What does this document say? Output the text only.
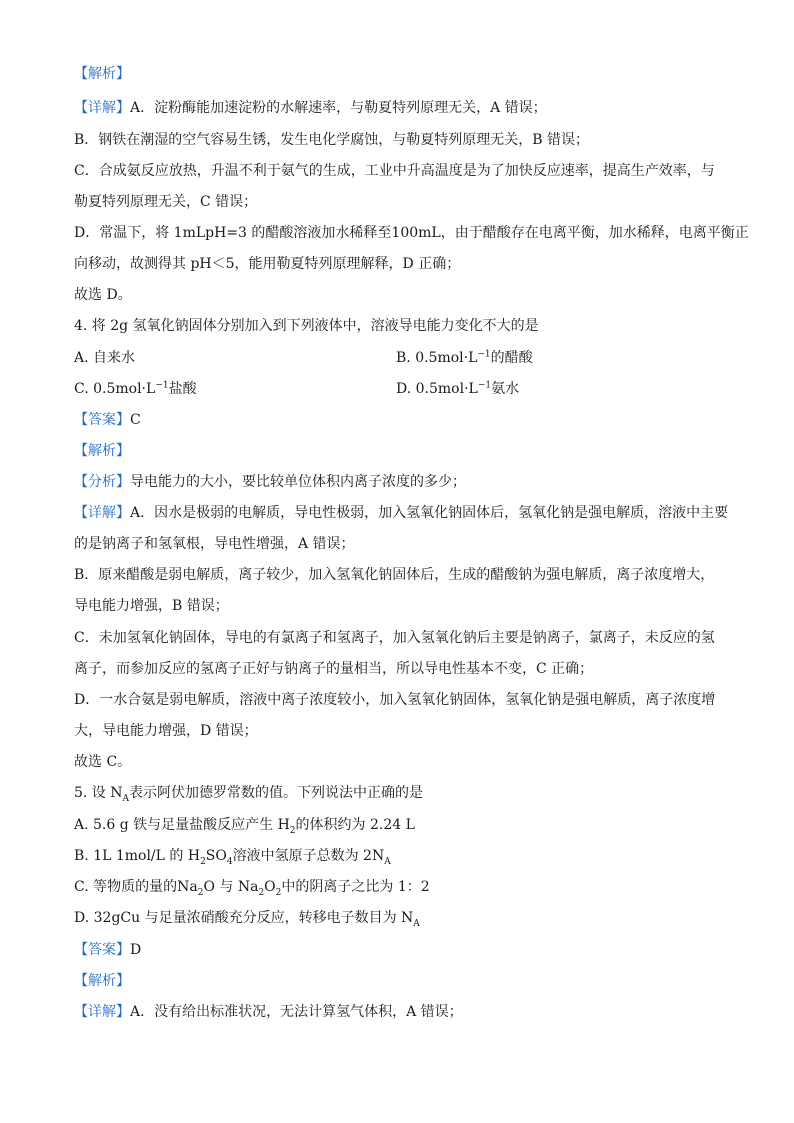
【解析】
【详解】A．淀粉酶能加速淀粉的水解速率，与勒夏特列原理无关，A 错误；
B．钢铁在潮湿的空气容易生锈，发生电化学腐蚀，与勒夏特列原理无关，B 错误；
C．合成氨反应放热，升温不利于氨气的生成，工业中升高温度是为了加快反应速率，提高生产效率，与
勒夏特列原理无关，C 错误；
D．常温下，将 1mLpH=3 的醋酸溶液加水稀释至100mL，由于醋酸存在电离平衡，加水稀释，电离平衡正
向移动，故测得其 pH＜5，能用勒夏特列原理解释，D 正确；
故选 D。
4. 将 2g 氢氧化钠固体分别加入到下列液体中，溶液导电能力变化不大的是
A. 自来水	B. $0.5mol\cdot L^{-1}$的醋酸
C. $0.5mol\cdot L^{-1}$盐酸	D. $0.5mol\cdot L^{-1}$氨水
【答案】C
【解析】
【分析】导电能力的大小，要比较单位体积内离子浓度的多少；
【详解】A．因水是极弱的电解质，导电性极弱，加入氢氧化钠固体后，氢氧化钠是强电解质，溶液中主要
的是钠离子和氢氧根，导电性增强，A 错误；
B．原来醋酸是弱电解质，离子较少，加入氢氧化钠固体后，生成的醋酸钠为强电解质，离子浓度增大，
导电能力增强，B 错误；
C．未加氢氧化钠固体，导电的有氯离子和氢离子，加入氢氧化钠后主要是钠离子，氯离子，未反应的氢
离子，而参加反应的氢离子正好与钠离子的量相当，所以导电性基本不变，C 正确；
D．一水合氨是弱电解质，溶液中离子浓度较小，加入氢氧化钠固体，氢氧化钠是强电解质，离子浓度增
大，导电能力增强，D 错误；
故选 C。
5. 设 $N_A$表示阿伏加德罗常数的值。下列说法中正确的是
A. 5.6 g 铁与足量盐酸反应产生 $H_2$的体积约为 2.24 L
B. 1L 1mol/L 的 $H_2SO_4$溶液中氢原子总数为 $2N_A$
C. 等物质的量的$Na_2O$ 与 $Na_2O_2$中的阴离子之比为 1：2
D. 32gCu 与足量浓硝酸充分反应，转移电子数目为 $N_A$
【答案】D
【解析】
【详解】A．没有给出标准状况，无法计算氢气体积，A 错误；
